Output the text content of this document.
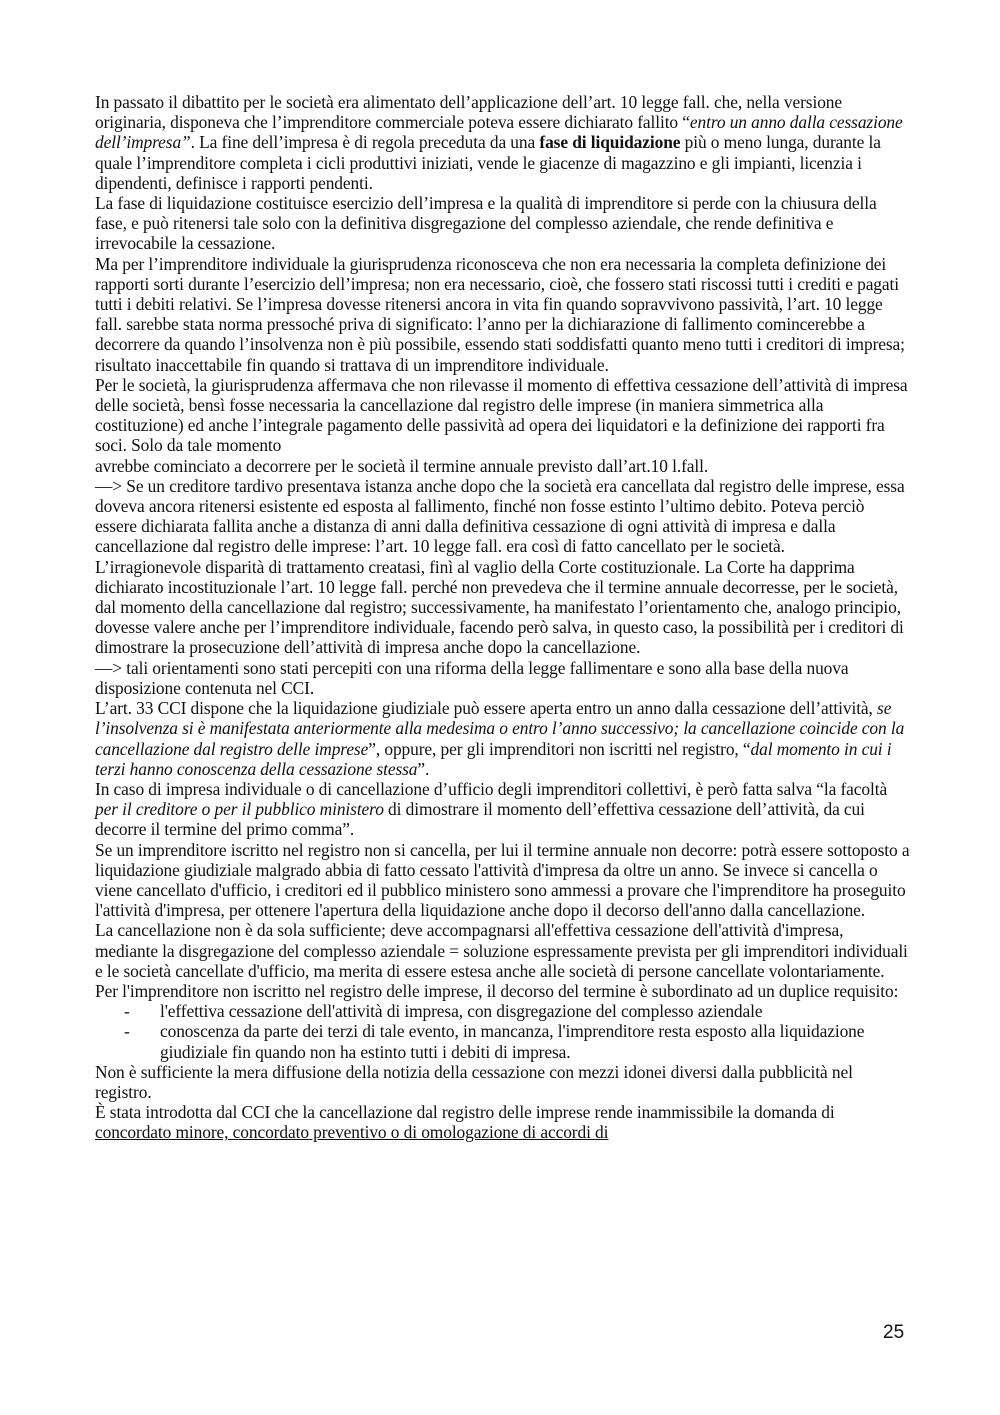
In passato il dibattito per le società era alimentato dell’applicazione dell’art. 10 legge fall. che, nella versione originaria, disponeva che l’imprenditore commerciale poteva essere dichiarato fallito “entro un anno dalla cessazione dell’impresa”. La fine dell’impresa è di regola preceduta da una fase di liquidazione più o meno lunga, durante la quale l’imprenditore completa i cicli produttivi iniziati, vende le giacenze di magazzino e gli impianti, licenzia i dipendenti, definisce i rapporti pendenti.

La fase di liquidazione costituisce esercizio dell’impresa e la qualità di imprenditore si perde con la chiusura della fase, e può ritenersi tale solo con la definitiva disgregazione del complesso aziendale, che rende definitiva e irrevocabile la cessazione.

Ma per l’imprenditore individuale la giurisprudenza riconosceva che non era necessaria la completa definizione dei rapporti sorti durante l’esercizio dell’impresa; non era necessario, cioè, che fossero stati riscossi tutti i crediti e pagati tutti i debiti relativi. Se l’impresa dovesse ritenersi ancora in vita fin quando sopravvivono passività, l’art. 10 legge fall. sarebbe stata norma pressoché priva di significato: l’anno per la dichiarazione di fallimento comincerebbe a decorrere da quando l’insolvenza non è più possibile, essendo stati soddisfatti quanto meno tutti i creditori di impresa; risultato inaccettabile fin quando si trattava di un imprenditore individuale.

Per le società, la giurisprudenza affermava che non rilevasse il momento di effettiva cessazione dell’attività di impresa delle società, bensì fosse necessaria la cancellazione dal registro delle imprese (in maniera simmetrica alla costituzione) ed anche l’integrale pagamento delle passività ad opera dei liquidatori e la definizione dei rapporti fra soci. Solo da tale momento

avrebbe cominciato a decorrere per le società il termine annuale previsto dall’art.10 l.fall.

—> Se un creditore tardivo presentava istanza anche dopo che la società era cancellata dal registro delle imprese, essa doveva ancora ritenersi esistente ed esposta al fallimento, finché non fosse estinto l’ultimo debito. Poteva perciò essere dichiarata fallita anche a distanza di anni dalla definitiva cessazione di ogni attività di impresa e dalla cancellazione dal registro delle imprese: l’art. 10 legge fall. era così di fatto cancellato per le società.

L’irragionevole disparità di trattamento creatasi, finì al vaglio della Corte costituzionale. La Corte ha dapprima dichiarato incostituzionale l’art. 10 legge fall. perché non prevedeva che il termine annuale decorresse, per le società, dal momento della cancellazione dal registro; successivamente, ha manifestato l’orientamento che, analogo principio, dovesse valere anche per l’imprenditore individuale, facendo però salva, in questo caso, la possibilità per i creditori di dimostrare la prosecuzione dell’attività di impresa anche dopo la cancellazione.

—> tali orientamenti sono stati percepiti con una riforma della legge fallimentare e sono alla base della nuova disposizione contenuta nel CCI.

L’art. 33 CCI dispone che la liquidazione giudiziale può essere aperta entro un anno dalla cessazione dell’attività, se l’insolvenza si è manifestata anteriormente alla medesima o entro l’anno successivo; la cancellazione coincide con la cancellazione dal registro delle imprese”, oppure, per gli imprenditori non iscritti nel registro, “dal momento in cui i terzi hanno conoscenza della cessazione stessa”.

In caso di impresa individuale o di cancellazione d’ufficio degli imprenditori collettivi, è però fatta salva “la facoltà per il creditore o per il pubblico ministero di dimostrare il momento dell’effettiva cessazione dell’attività, da cui decorre il termine del primo comma”.

Se un imprenditore iscritto nel registro non si cancella, per lui il termine annuale non decorre: potrà essere sottoposto a liquidazione giudiziale malgrado abbia di fatto cessato l'attività d'impresa da oltre un anno. Se invece si cancella o viene cancellato d'ufficio, i creditori ed il pubblico ministero sono ammessi a provare che l'imprenditore ha proseguito l'attività d'impresa, per ottenere l'apertura della liquidazione anche dopo il decorso dell'anno dalla cancellazione.

La cancellazione non è da sola sufficiente; deve accompagnarsi all'effettiva cessazione dell'attività d'impresa, mediante la disgregazione del complesso aziendale = soluzione espressamente prevista per gli imprenditori individuali e le società cancellate d'ufficio, ma merita di essere estesa anche alle società di persone cancellate volontariamente.

Per l'imprenditore non iscritto nel registro delle imprese, il decorso del termine è subordinato ad un duplice requisito:

- l'effettiva cessazione dell'attività di impresa, con disgregazione del complesso aziendale
- conoscenza da parte dei terzi di tale evento, in mancanza, l'imprenditore resta esposto alla liquidazione giudiziale fin quando non ha estinto tutti i debiti di impresa.

Non è sufficiente la mera diffusione della notizia della cessazione con mezzi idonei diversi dalla pubblicità nel registro.

È stata introdotta dal CCI che la cancellazione dal registro delle imprese rende inammissibile la domanda di concordato minore, concordato preventivo o di omologazione di accordi di

25
